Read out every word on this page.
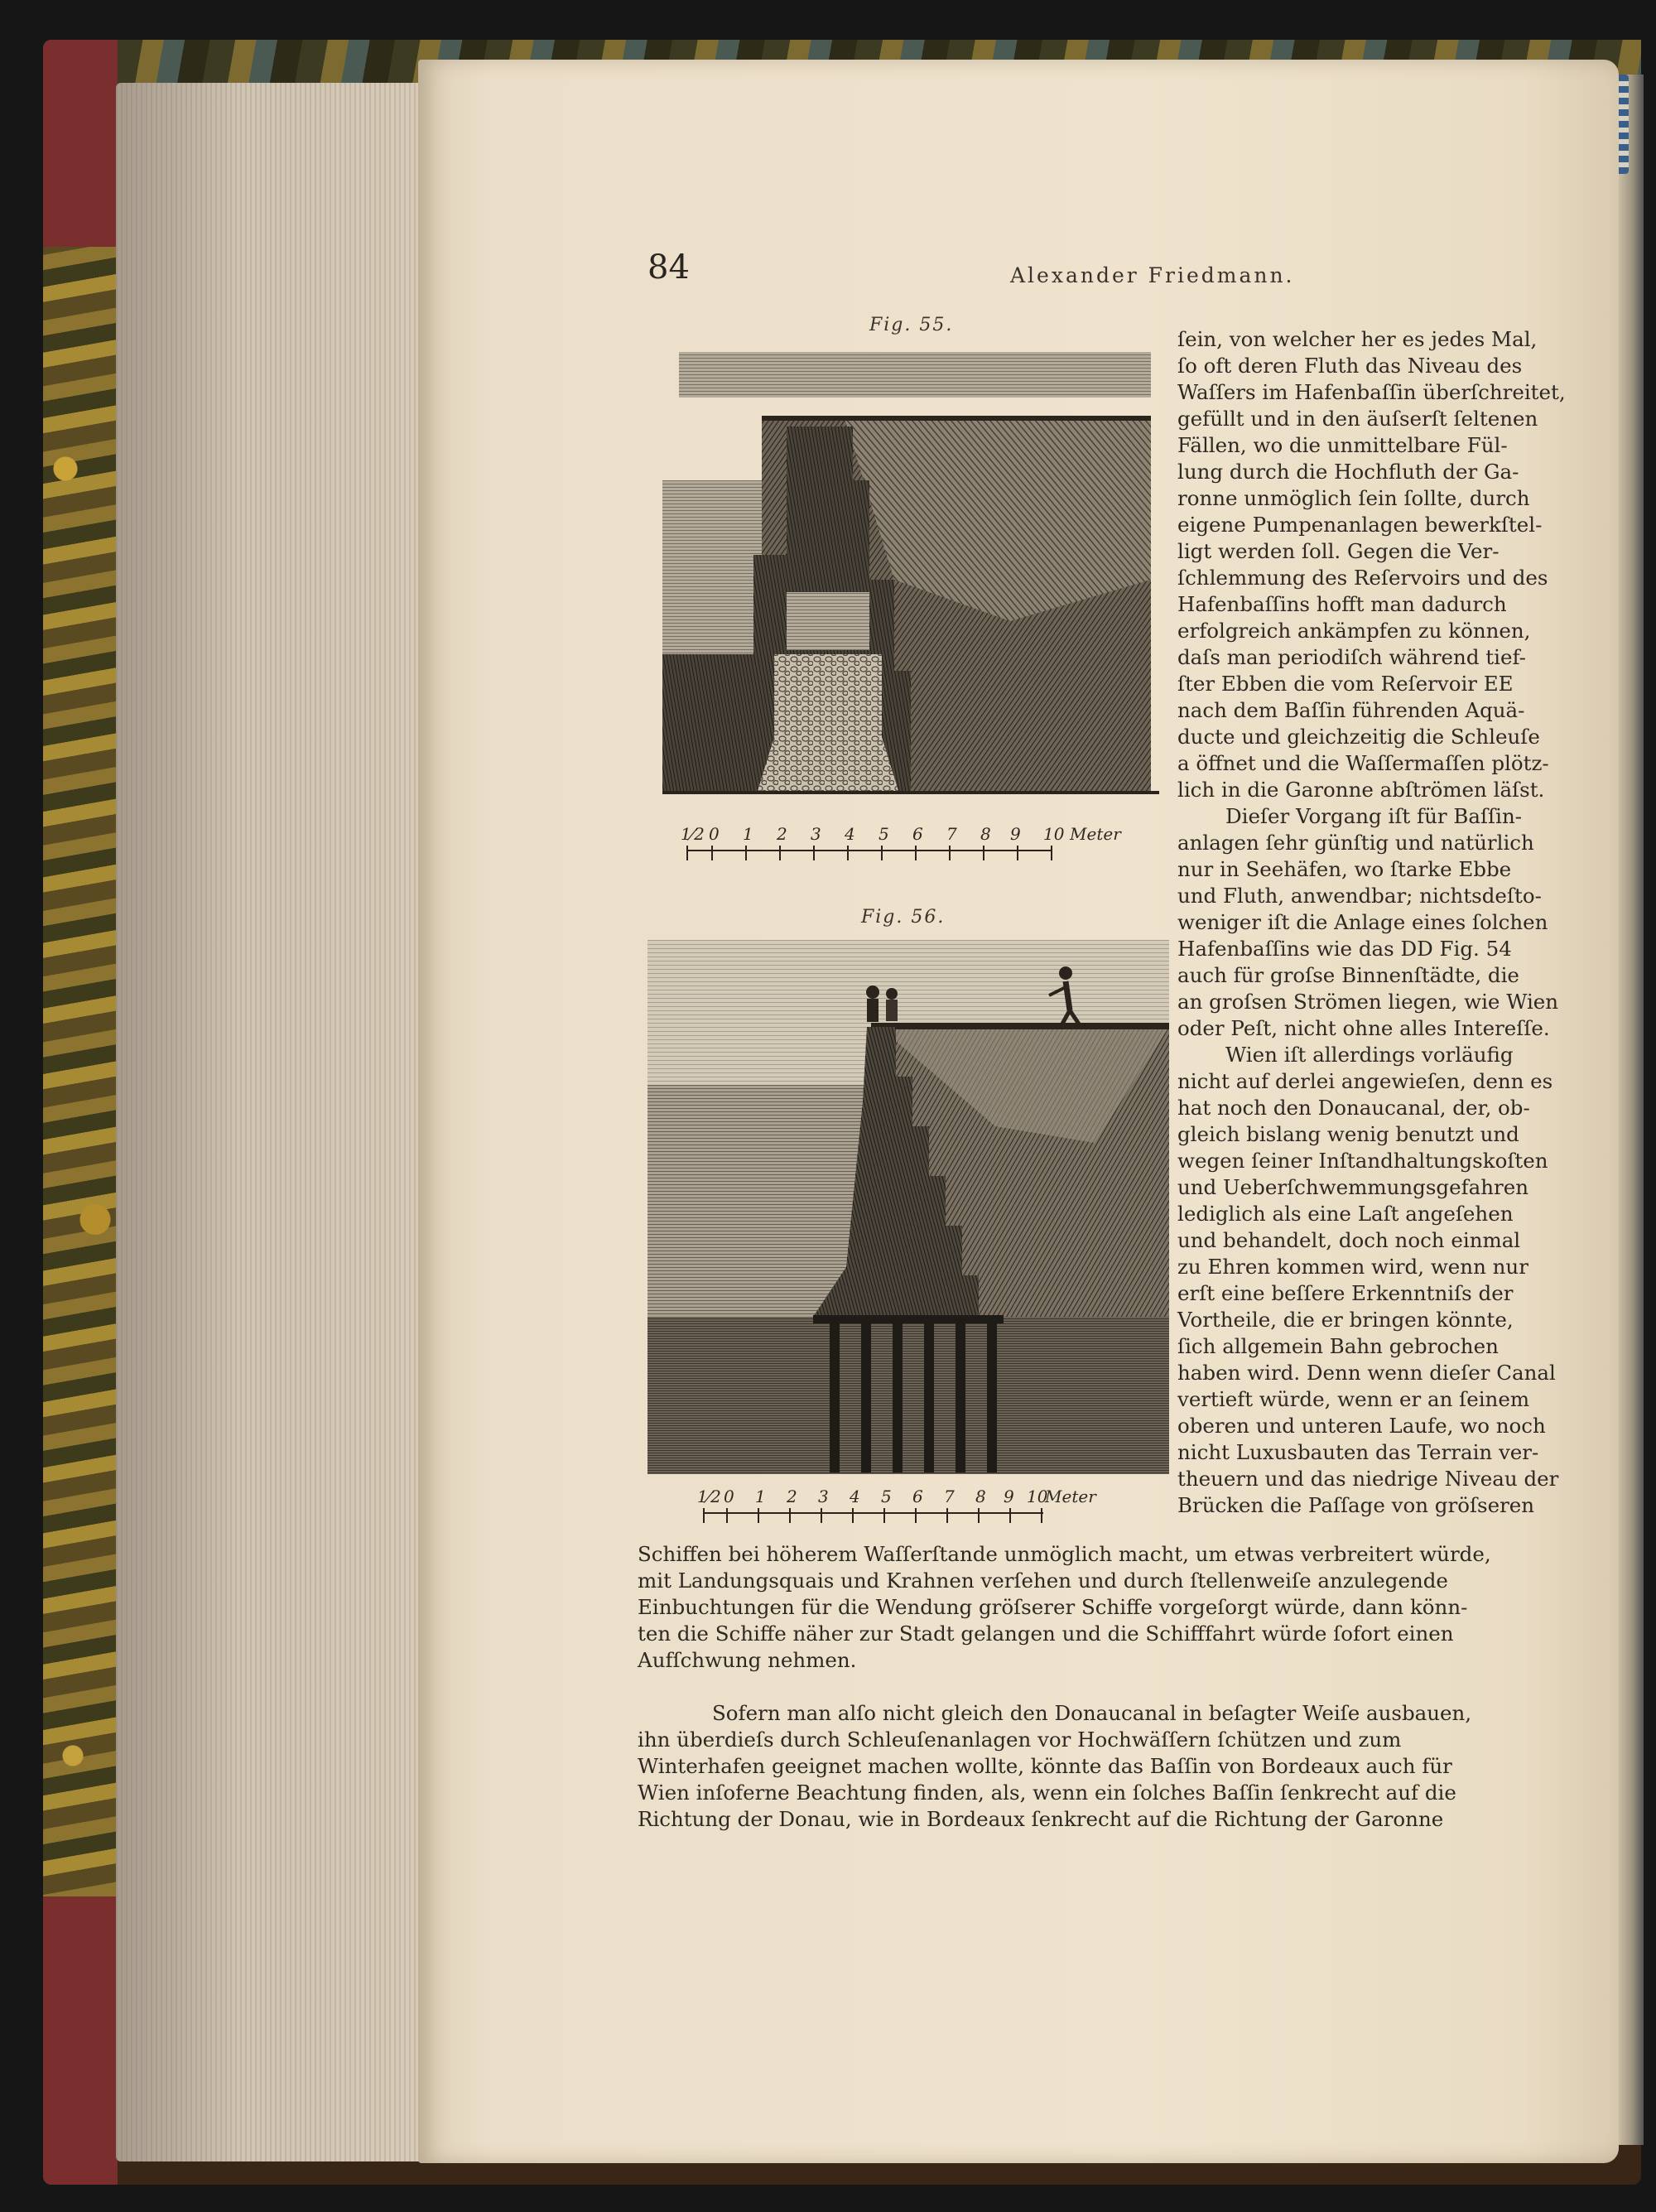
84	Alexander Friedmann.
Fig. 55.
1⁄2 0 1 2 3 4 5 6 7 8 9 10 Meter
Fig. 56.
1⁄2 0 1 2 3 4 5 6 7 8 9 10
Meter
ſein, von welcher her es jedes Mal,
ſo oft deren Fluth das Niveau des
Waſſers im Hafenbaſſin überſchreitet,
gefüllt und in den äuſserſt ſeltenen
Fällen, wo die unmittelbare Fül-
lung durch die Hochfluth der Ga-
ronne unmöglich ſein ſollte, durch
eigene Pumpenanlagen bewerkſtel-
ligt werden ſoll. Gegen die Ver-
ſchlemmung des Reſervoirs und des
Hafenbaſſins hofft man dadurch
erfolgreich ankämpfen zu können,
daſs man periodiſch während tief-
ſter Ebben die vom Reſervoir EE
nach dem Baſſin führenden Aquä-
ducte und gleichzeitig die Schleuſe
a öffnet und die Waſſermaſſen plötz-
lich in die Garonne abſtrömen läſst.
Dieſer Vorgang iſt für Baſſin-
anlagen ſehr günſtig und natürlich
nur in Seehäfen, wo ſtarke Ebbe
und Fluth, anwendbar; nichtsdeſto-
weniger iſt die Anlage eines ſolchen
Hafenbaſſins wie das DD Fig. 54
auch für groſse Binnenſtädte, die
an groſsen Strömen liegen, wie Wien
oder Peſt, nicht ohne alles Intereſſe.
Wien iſt allerdings vorläufig
nicht auf derlei angewieſen, denn es
hat noch den Donaucanal, der, ob-
gleich bislang wenig benutzt und
wegen ſeiner Inſtandhaltungskoſten
und Ueberſchwemmungsgefahren
lediglich als eine Laſt angeſehen
und behandelt, doch noch einmal
zu Ehren kommen wird, wenn nur
erſt eine beſſere Erkenntniſs der
Vortheile, die er bringen könnte,
ſich allgemein Bahn gebrochen
haben wird. Denn wenn dieſer Canal
vertieft würde, wenn er an ſeinem
oberen und unteren Laufe, wo noch
nicht Luxusbauten das Terrain ver-
theuern und das niedrige Niveau der
Brücken die Paſſage von gröſseren
Schiffen bei höherem Waſſerſtande unmöglich macht, um etwas verbreitert würde,
mit Landungsquais und Krahnen verſehen und durch ſtellenweiſe anzulegende
Einbuchtungen für die Wendung gröſserer Schiffe vorgeſorgt würde, dann könn-
ten die Schiffe näher zur Stadt gelangen und die Schifffahrt würde ſofort einen
Aufſchwung nehmen.
Sofern man alſo nicht gleich den Donaucanal in beſagter Weiſe ausbauen,
ihn überdieſs durch Schleuſenanlagen vor Hochwäſſern ſchützen und zum
Winterhafen geeignet machen wollte, könnte das Baſſin von Bordeaux auch für
Wien inſoferne Beachtung finden, als, wenn ein ſolches Baſſin ſenkrecht auf die
Richtung der Donau, wie in Bordeaux ſenkrecht auf die Richtung der Garonne
